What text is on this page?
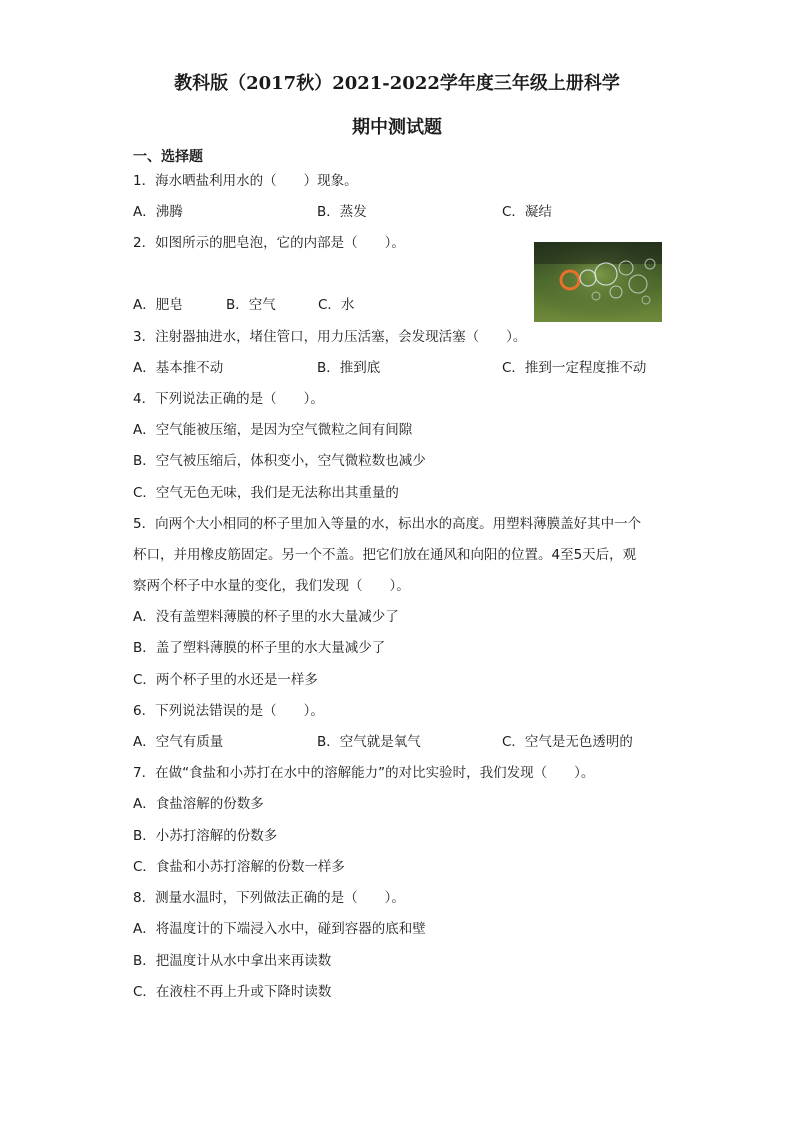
教科版（2017秋）2021-2022学年度三年级上册科学
期中测试题
一、选择题
1．海水晒盐利用水的（　　）现象。
A．沸腾	B．蒸发	C．凝结
2．如图所示的肥皂泡，它的内部是（　　）。
A．肥皂	B．空气	C．水
3．注射器抽进水，堵住管口，用力压活塞，会发现活塞（　　）。
A．基本推不动	B．推到底	C．推到一定程度推不动
4．下列说法正确的是（　　）。
A．空气能被压缩，是因为空气微粒之间有间隙
B．空气被压缩后，体积变小，空气微粒数也减少
C．空气无色无味，我们是无法称出其重量的
5．向两个大小相同的杯子里加入等量的水，标出水的高度。用塑料薄膜盖好其中一个
杯口，并用橡皮筋固定。另一个不盖。把它们放在通风和向阳的位置。4至5天后，观
察两个杯子中水量的变化，我们发现（　　）。
A．没有盖塑料薄膜的杯子里的水大量减少了
B．盖了塑料薄膜的杯子里的水大量减少了
C．两个杯子里的水还是一样多
6．下列说法错误的是（　　）。
A．空气有质量	B．空气就是氧气	C．空气是无色透明的
7．在做“食盐和小苏打在水中的溶解能力”的对比实验时，我们发现（　　）。
A．食盐溶解的份数多
B．小苏打溶解的份数多
C．食盐和小苏打溶解的份数一样多
8．测量水温时，下列做法正确的是（　　）。
A．将温度计的下端浸入水中，碰到容器的底和壁
B．把温度计从水中拿出来再读数
C．在液柱不再上升或下降时读数
